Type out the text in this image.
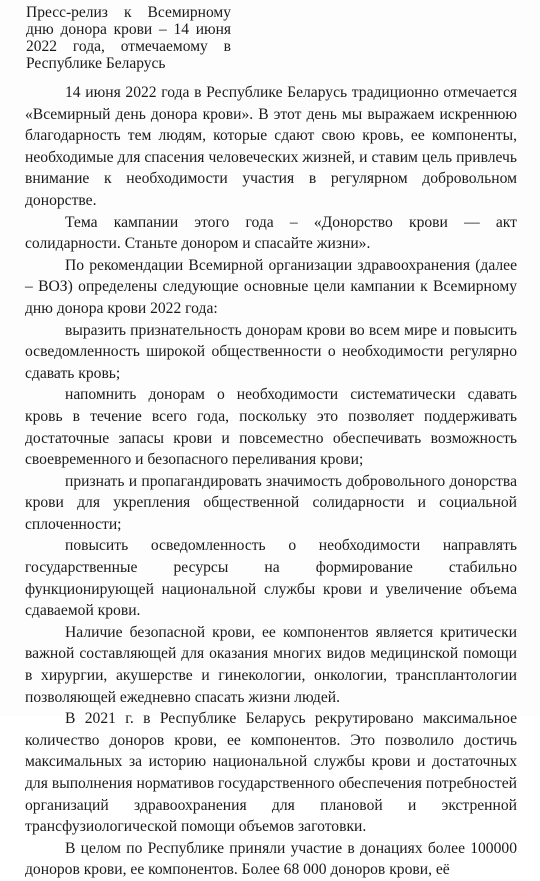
Пресс-релиз к Всемирному дню донора крови – 14 июня 2022 года, отмечаемому в Республике Беларусь

14 июня 2022 года в Республике Беларусь традиционно отмечается «Всемирный день донора крови». В этот день мы выражаем искреннюю благодарность тем людям, которые сдают свою кровь, ее компоненты, необходимые для спасения человеческих жизней, и ставим цель привлечь внимание к необходимости участия в регулярном добровольном донорстве.

Тема кампании этого года – «Донорство крови — акт солидарности. Станьте донором и спасайте жизни».

По рекомендации Всемирной организации здравоохранения (далее – ВОЗ) определены следующие основные цели кампании к Всемирному дню донора крови 2022 года:

выразить признательность донорам крови во всем мире и повысить осведомленность широкой общественности о необходимости регулярно сдавать кровь;

напомнить донорам о необходимости систематически сдавать кровь в течение всего года, поскольку это позволяет поддерживать достаточные запасы крови и повсеместно обеспечивать возможность своевременного и безопасного переливания крови;

признать и пропагандировать значимость добровольного донорства крови для укрепления общественной солидарности и социальной сплоченности;

повысить осведомленность о необходимости направлять государственные ресурсы на формирование стабильно функционирующей национальной службы крови и увеличение объема сдаваемой крови.

Наличие безопасной крови, ее компонентов является критически важной составляющей для оказания многих видов медицинской помощи в хирургии, акушерстве и гинекологии, онкологии, трансплантологии позволяющей ежедневно спасать жизни людей.

В 2021 г. в Республике Беларусь рекрутировано максимальное количество доноров крови, ее компонентов. Это позволило достичь максимальных за историю национальной службы крови и достаточных для выполнения нормативов государственного обеспечения потребностей организаций здравоохранения для плановой и экстренной трансфузиологической помощи объемов заготовки.

В целом по Республике приняли участие в донациях более 100000 доноров крови, ее компонентов. Более 68 000 доноров крови, её
